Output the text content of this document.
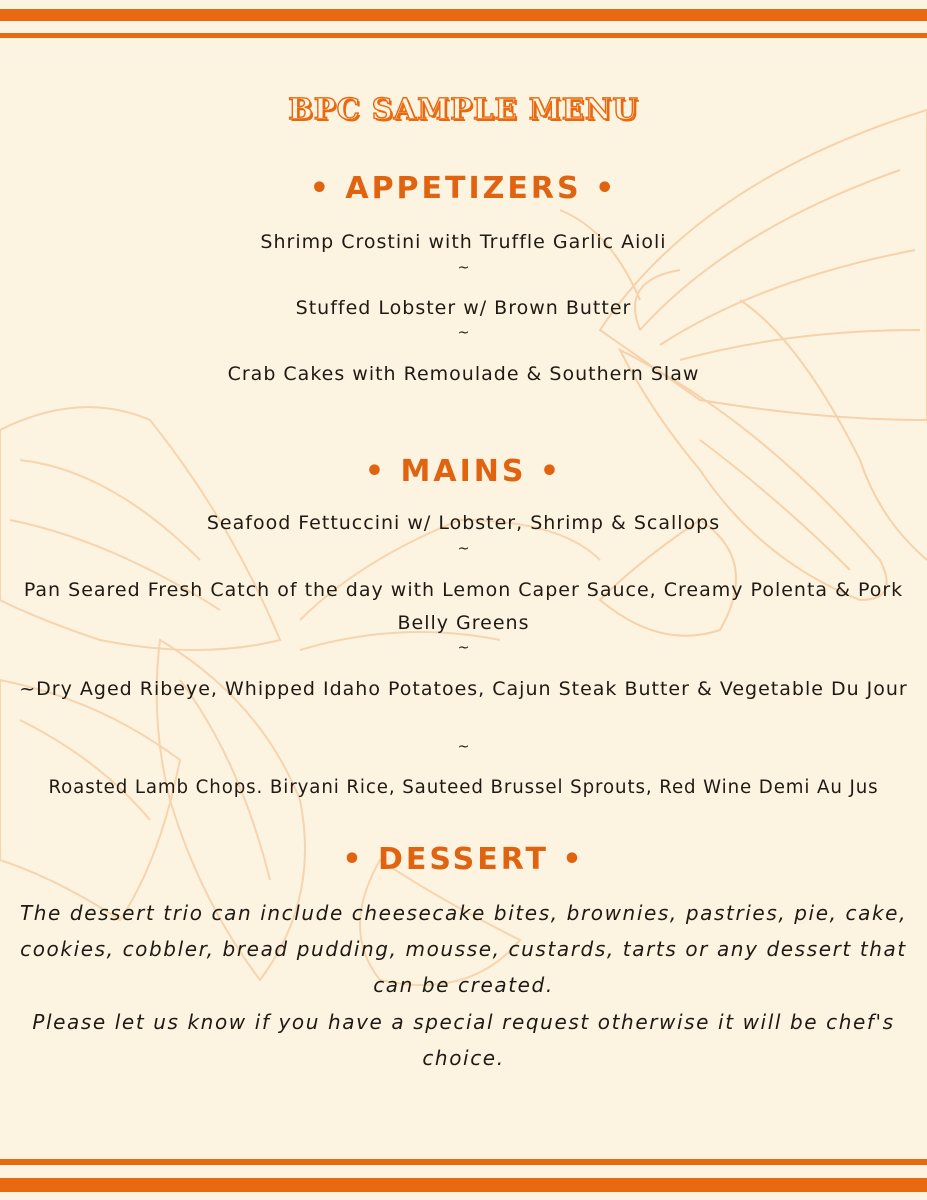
BPC SAMPLE MENU
• APPETIZERS •
Shrimp Crostini with Truffle Garlic Aioli
~
Stuffed Lobster w/ Brown Butter
~
Crab Cakes with Remoulade & Southern Slaw
• MAINS •
Seafood Fettuccini w/ Lobster, Shrimp & Scallops
~
Pan Seared Fresh Catch of the day with Lemon Caper Sauce, Creamy Polenta & Pork Belly Greens
~
~Dry Aged Ribeye, Whipped Idaho Potatoes, Cajun Steak Butter & Vegetable Du Jour
~
Roasted Lamb Chops. Biryani Rice, Sauteed Brussel Sprouts, Red Wine Demi Au Jus
• DESSERT •
The dessert trio can include cheesecake bites, brownies, pastries, pie, cake, cookies, cobbler, bread pudding, mousse, custards, tarts or any dessert that can be created.
Please let us know if you have a special request otherwise it will be chef's choice.
